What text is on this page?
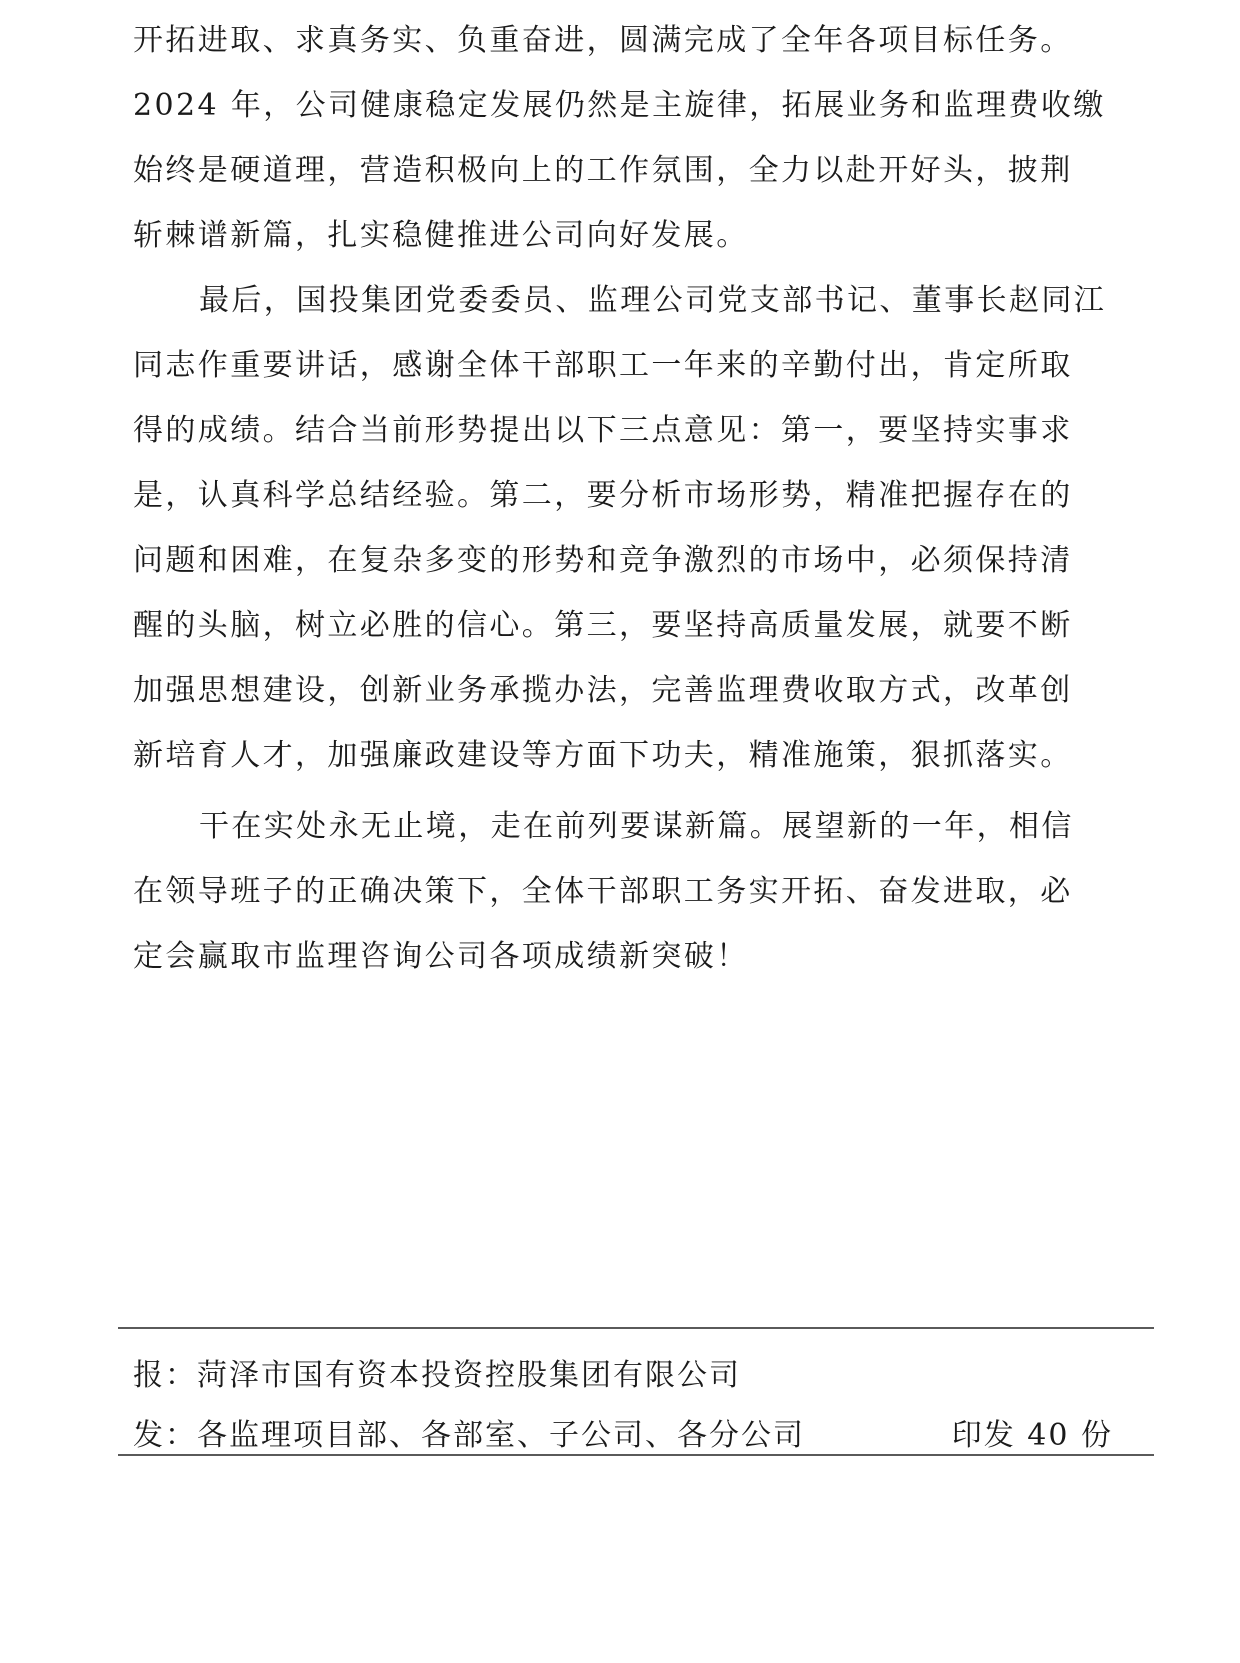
开拓进取、求真务实、负重奋进，圆满完成了全年各项目标任务。
2024 年，公司健康稳定发展仍然是主旋律，拓展业务和监理费收缴
始终是硬道理，营造积极向上的工作氛围，全力以赴开好头，披荆
斩棘谱新篇，扎实稳健推进公司向好发展。

最后，国投集团党委委员、监理公司党支部书记、董事长赵同江
同志作重要讲话，感谢全体干部职工一年来的辛勤付出，肯定所取
得的成绩。结合当前形势提出以下三点意见：第一，要坚持实事求
是，认真科学总结经验。第二，要分析市场形势，精准把握存在的
问题和困难，在复杂多变的形势和竞争激烈的市场中，必须保持清
醒的头脑，树立必胜的信心。第三，要坚持高质量发展，就要不断
加强思想建设，创新业务承揽办法，完善监理费收取方式，改革创
新培育人才，加强廉政建设等方面下功夫，精准施策，狠抓落实。

干在实处永无止境，走在前列要谋新篇。展望新的一年，相信
在领导班子的正确决策下，全体干部职工务实开拓、奋发进取，必
定会赢取市监理咨询公司各项成绩新突破！

报：菏泽市国有资本投资控股集团有限公司
发：各监理项目部、各部室、子公司、各分公司	印发 40 份
